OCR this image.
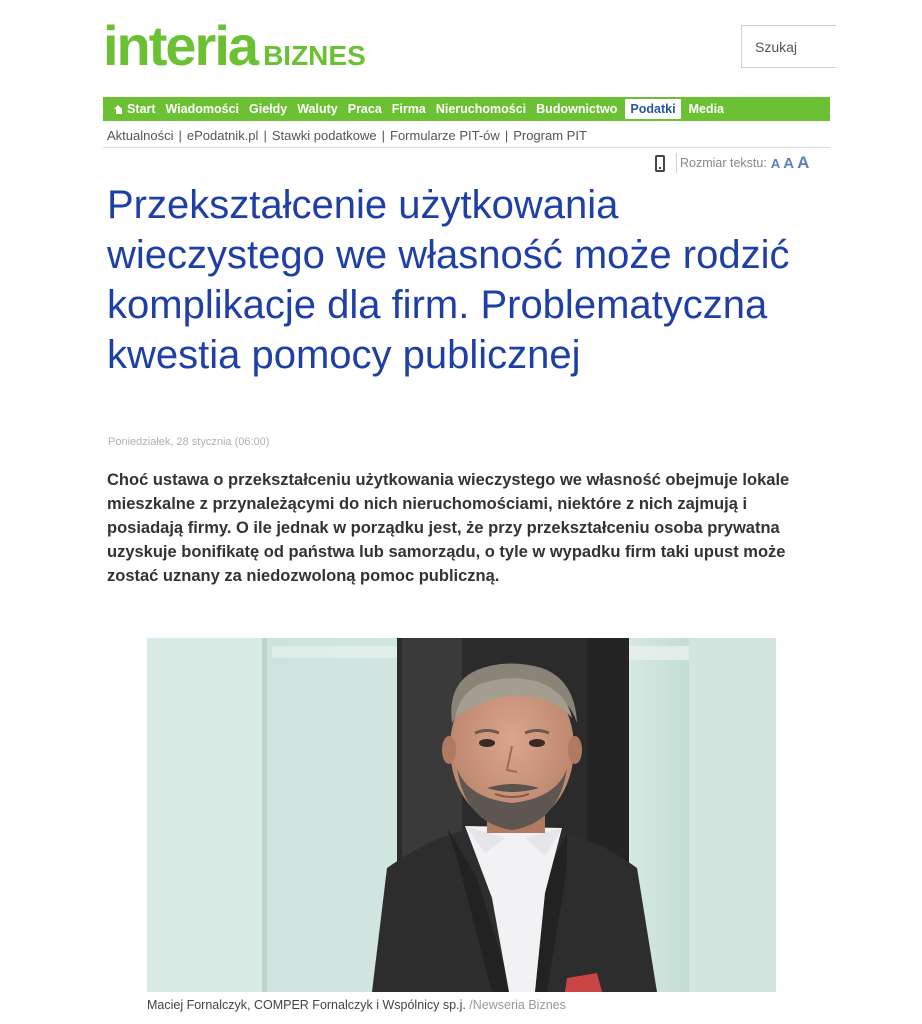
interia BIZNES
Szukaj
Start Wiadomości Giełdy Waluty Praca Firma Nieruchomości Budownictwo	Podatki	Media
Aktualności | ePodatnik.pl | Stawki podatkowe | Formularze PIT-ów | Program PIT
Rozmiar tekstu: A A A
Przekształcenie użytkowania wieczystego we własność może rodzić komplikacje dla firm. Problematyczna kwestia pomocy publicznej
Poniedziałek, 28 stycznia (06:00)

Choć ustawa o przekształceniu użytkowania wieczystego we własność obejmuje lokale mieszkalne z przynależącymi do nich nieruchomościami, niektóre z nich zajmują i posiadają firmy. O ile jednak w porządku jest, że przy przekształceniu osoba prywatna uzyskuje bonifikatę od państwa lub samorządu, o tyle w wypadku firm taki upust może zostać uznany za niedozwoloną pomoc publiczną.

Maciej Fornalczyk, COMPER Fornalczyk i Wspólnicy sp.j. /Newseria Biznes
